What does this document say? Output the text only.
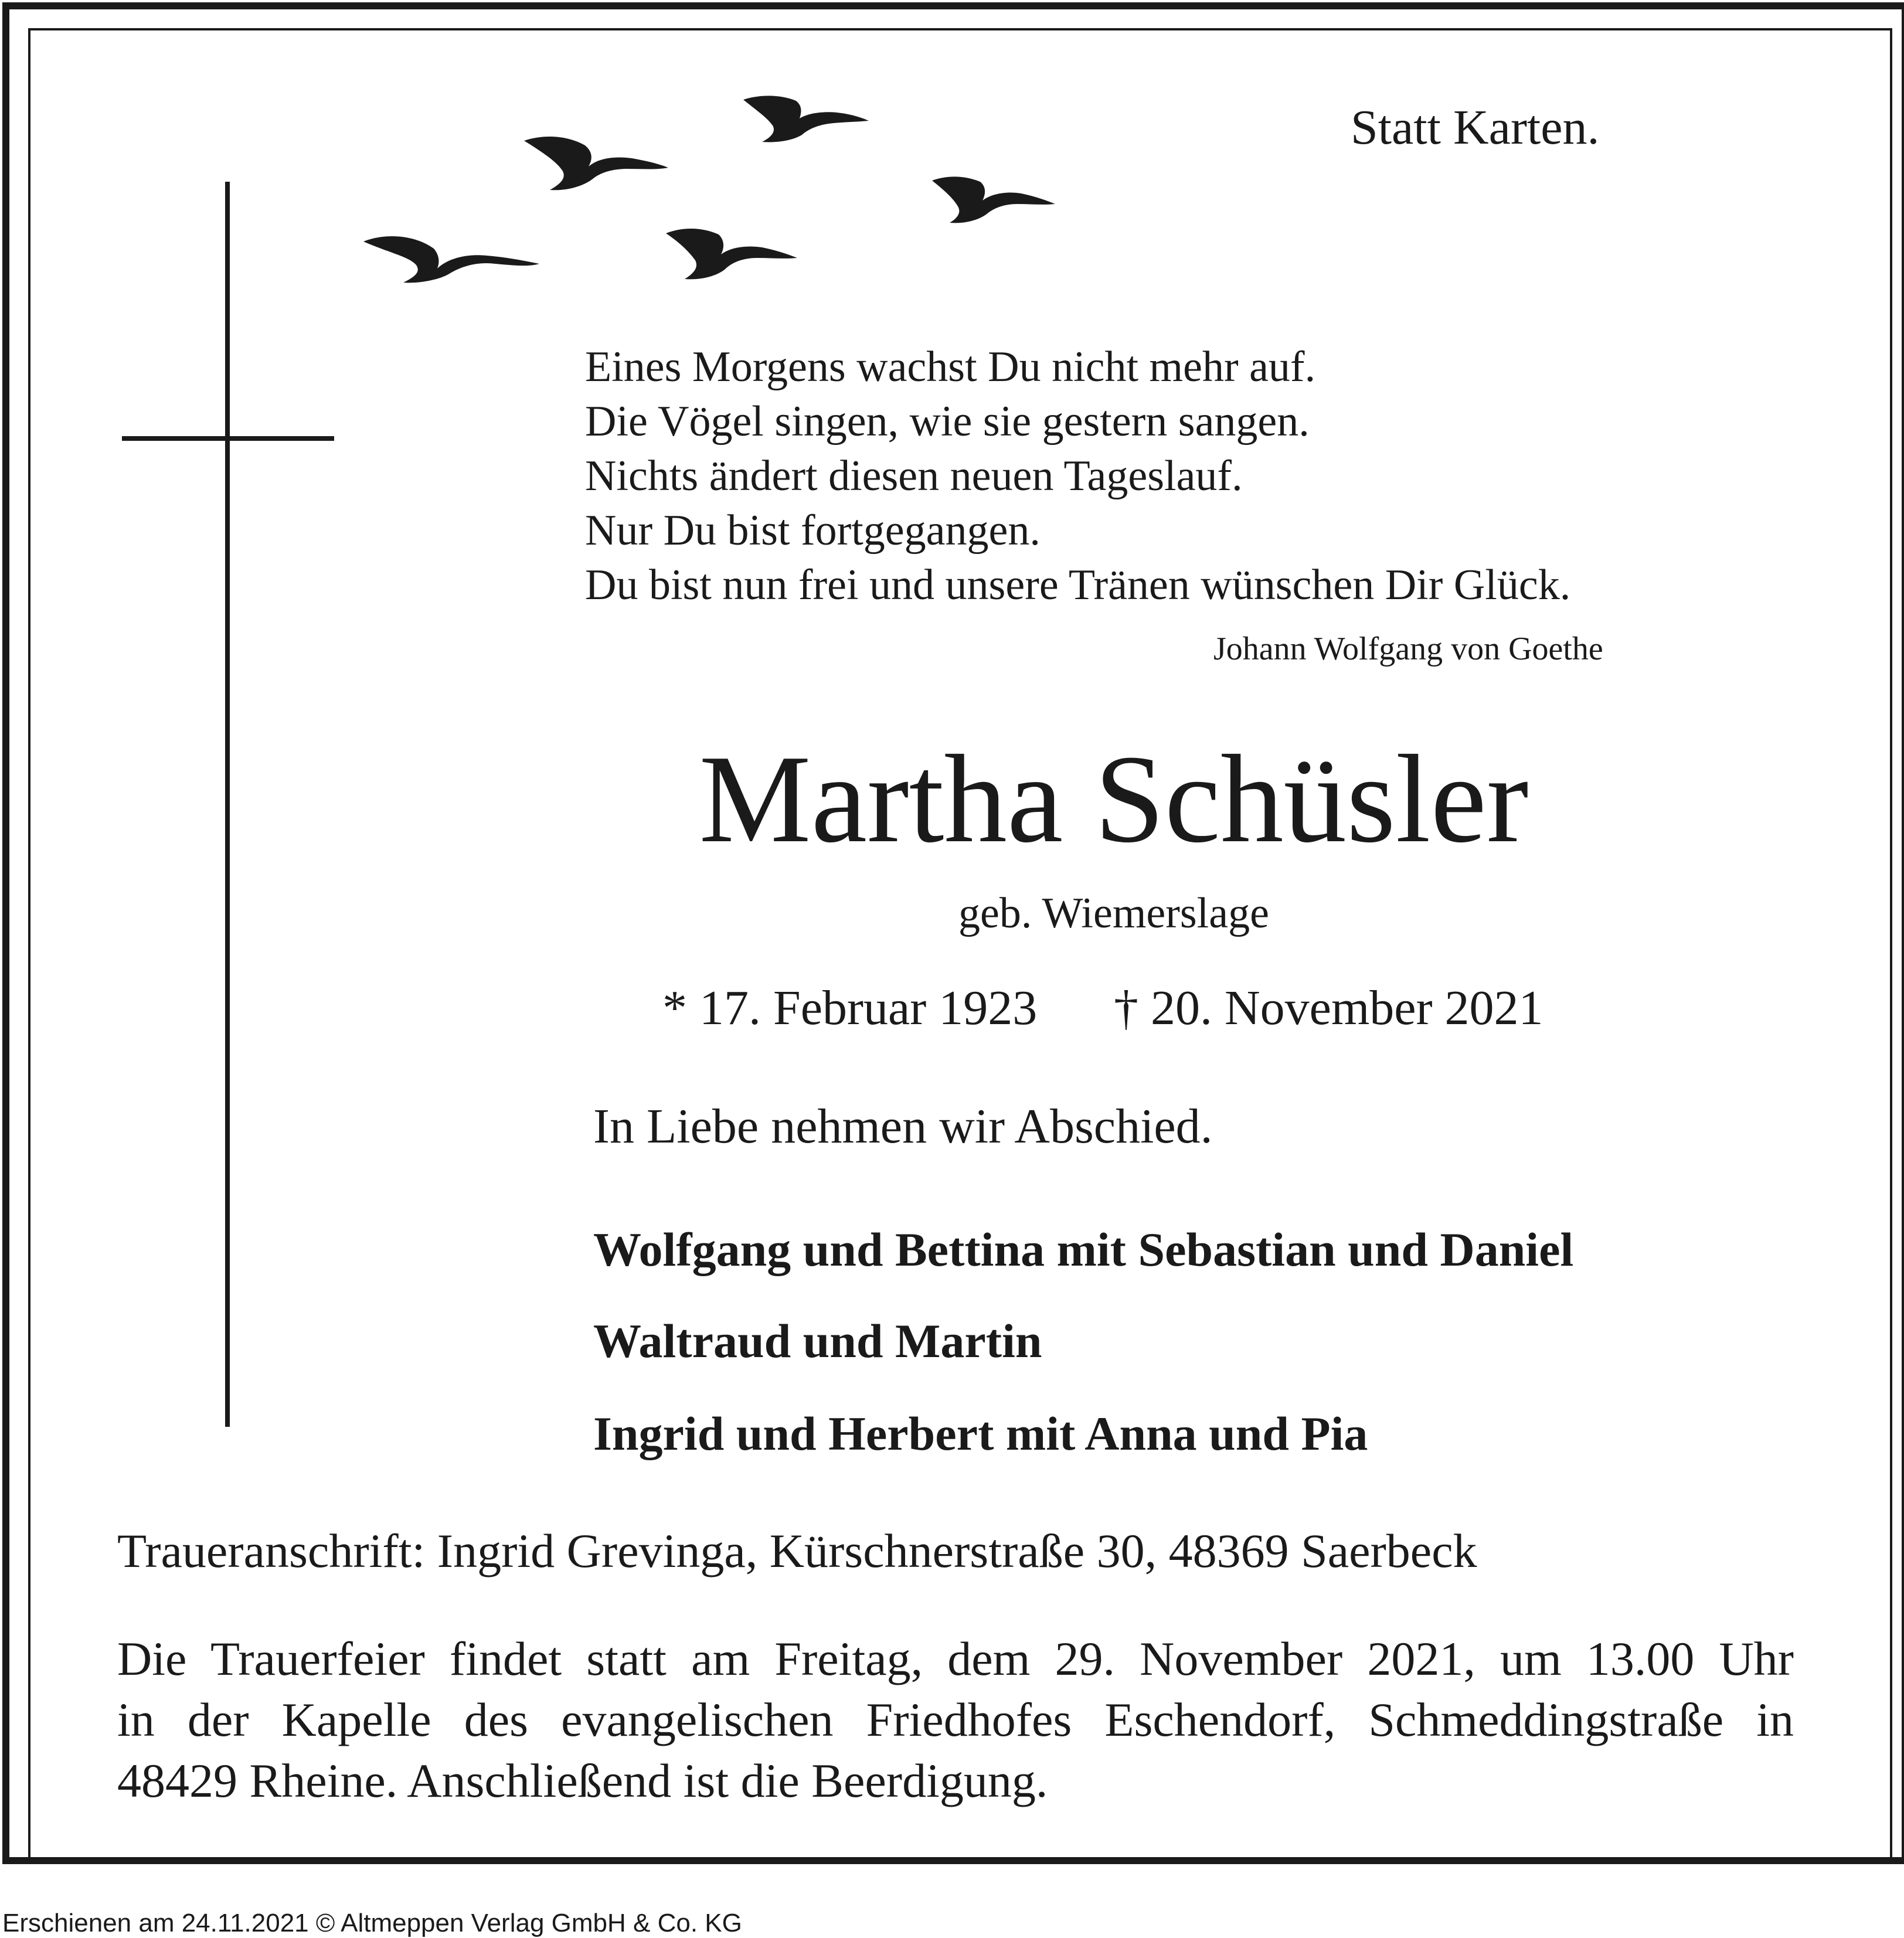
Statt Karten.
Eines Morgens wachst Du nicht mehr auf.
Die Vögel singen, wie sie gestern sangen.
Nichts ändert diesen neuen Tageslauf.
Nur Du bist fortgegangen.
Du bist nun frei und unsere Tränen wünschen Dir Glück.
Johann Wolfgang von Goethe
Martha Schüsler
geb. Wiemerslage
* 17. Februar 1923 † 20. November 2021
In Liebe nehmen wir Abschied.
Wolfgang und Bettina mit Sebastian und Daniel
Waltraud und Martin
Ingrid und Herbert mit Anna und Pia
Traueranschrift: Ingrid Grevinga, Kürschnerstraße 30, 48369 Saerbeck
Die Trauerfeier findet statt am Freitag, dem 29. November 2021, um 13.00 Uhr
in der Kapelle des evangelischen Friedhofes Eschendorf, Schmeddingstraße in
48429 Rheine. Anschließend ist die Beerdigung.
Erschienen am 24.11.2021 © Altmeppen Verlag GmbH & Co. KG
